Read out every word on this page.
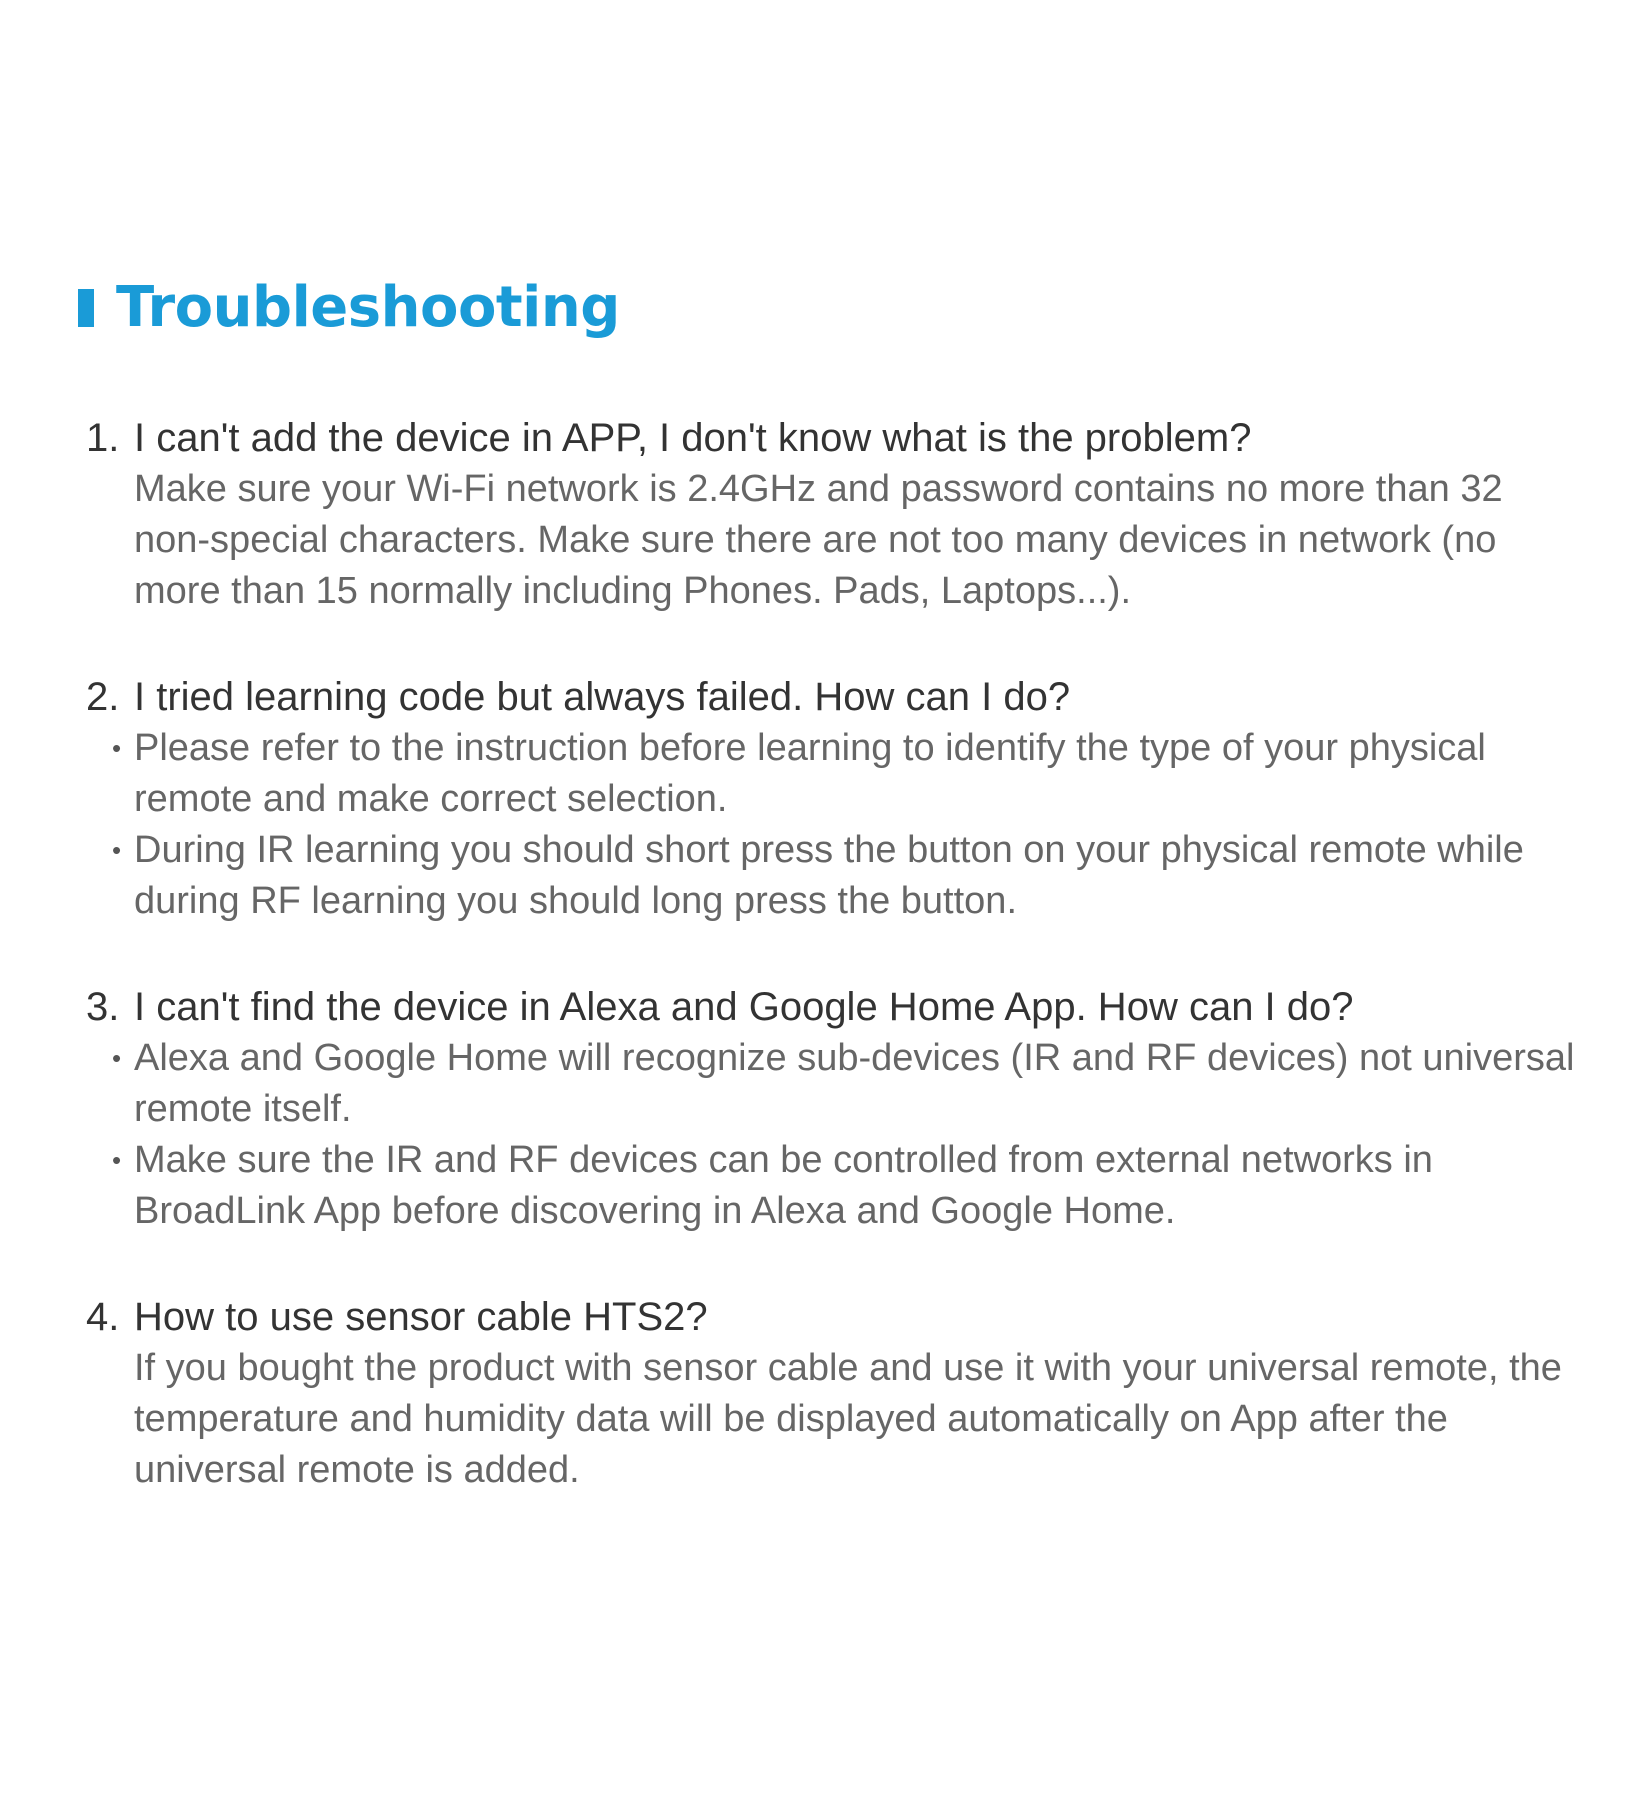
Troubleshooting
1. I can't add the device in APP, I don't know what is the problem?

Make sure your Wi-Fi network is 2.4GHz and password contains no more than 32 non-special characters. Make sure there are not too many devices in network (no more than 15 normally including Phones. Pads, Laptops...).

2. I tried learning code but always failed. How can I do?

• Please refer to the instruction before learning to identify the type of your physical remote and make correct selection.

• During IR learning you should short press the button on your physical remote while during RF learning you should long press the button.

3. I can't find the device in Alexa and Google Home App. How can I do?

• Alexa and Google Home will recognize sub-devices (IR and RF devices) not universal remote itself.

• Make sure the IR and RF devices can be controlled from external networks in BroadLink App before discovering in Alexa and Google Home.

4. How to use sensor cable HTS2?

If you bought the product with sensor cable and use it with your universal remote, the temperature and humidity data will be displayed automatically on App after the universal remote is added.
